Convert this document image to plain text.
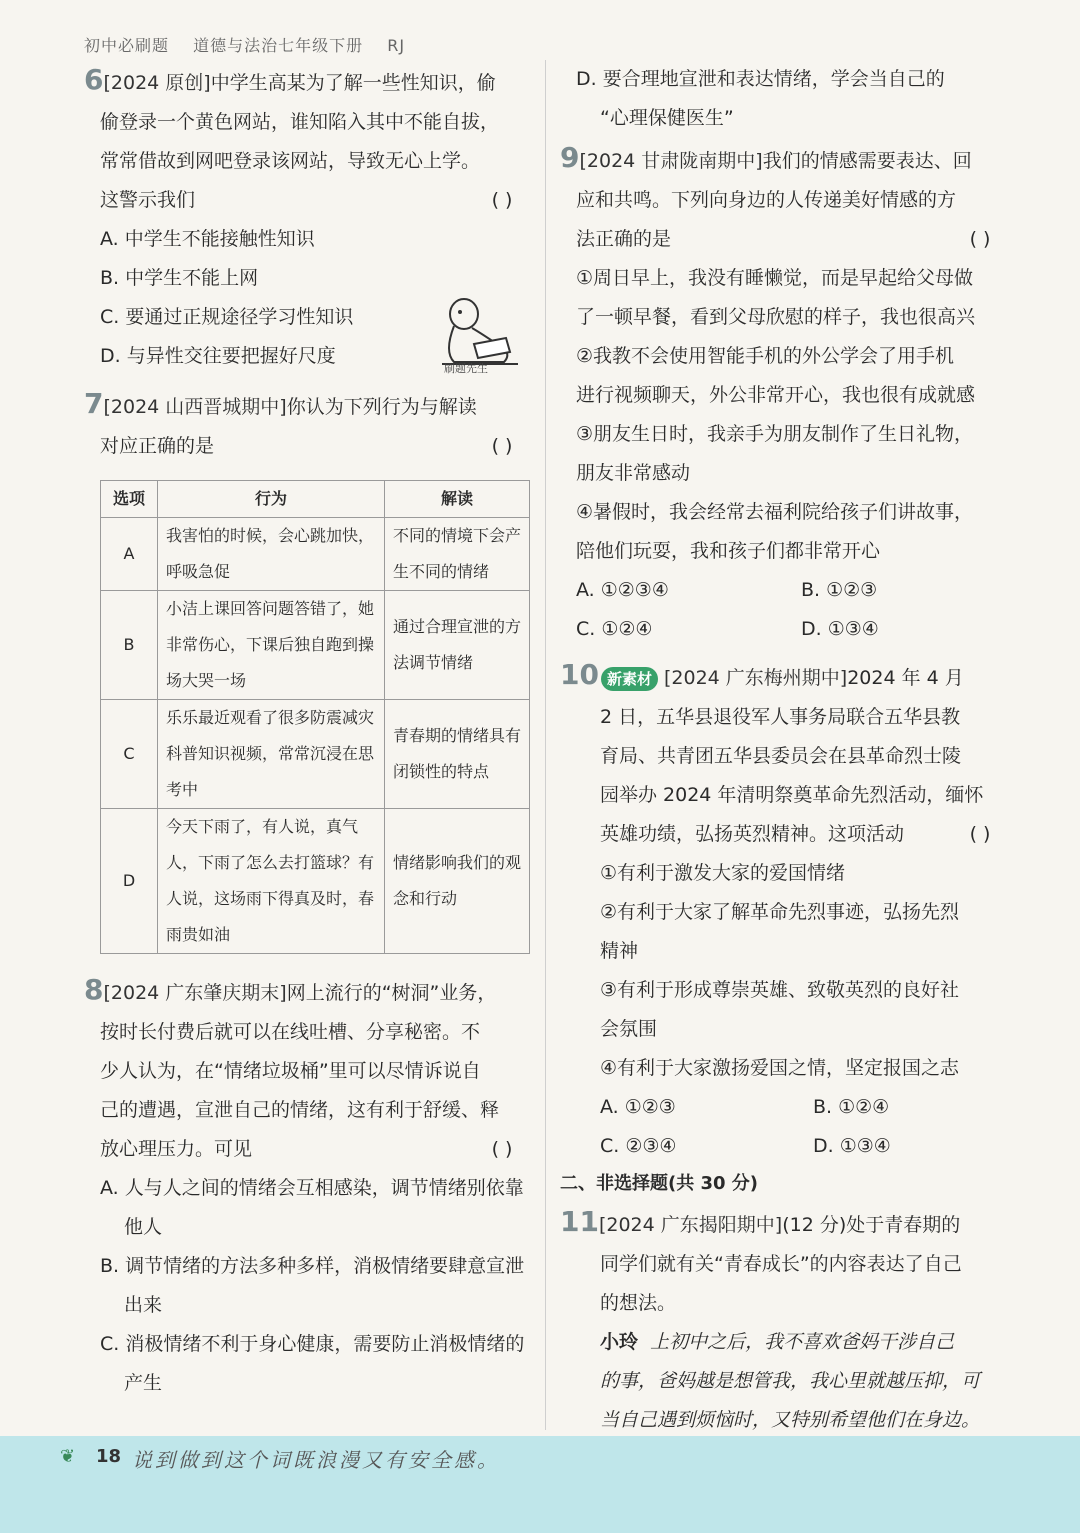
初中必刷题 道德与法治七年级下册 RJ
6[2024 原创]中学生高某为了解一些性知识，偷
偷登录一个黄色网站，谁知陷入其中不能自拔，
常常借故到网吧登录该网站，导致无心上学。
这警示我们	( )
A. 中学生不能接触性知识
B. 中学生不能上网
C. 要通过正规途径学习性知识
D. 与异性交往要把握好尺度
刷题先生
7[2024 山西晋城期中]你认为下列行为与解读
对应正确的是	( )
选项	行为	解读
A	我害怕的时候，会心跳加快，呼吸急促	不同的情境下会产生不同的情绪
B	小洁上课回答问题答错了，她非常伤心，下课后独自跑到操场大哭一场	通过合理宣泄的方法调节情绪
C	乐乐最近观看了很多防震减灾科普知识视频，常常沉浸在思考中	青春期的情绪具有闭锁性的特点
D	今天下雨了，有人说，真气人，下雨了怎么去打篮球？有人说，这场雨下得真及时，春雨贵如油	情绪影响我们的观念和行动
8[2024 广东肇庆期末]网上流行的“树洞”业务，
按时长付费后就可以在线吐槽、分享秘密。不
少人认为，在“情绪垃圾桶”里可以尽情诉说自
己的遭遇，宣泄自己的情绪，这有利于舒缓、释
放心理压力。可见	( )
A. 人与人之间的情绪会互相感染，调节情绪别依靠他人
B. 调节情绪的方法多种多样，消极情绪要肆意宣泄出来
C. 消极情绪不利于身心健康，需要防止消极情绪的产生
D. 要合理地宣泄和表达情绪，学会当自己的
“心理保健医生”
9[2024 甘肃陇南期中]我们的情感需要表达、回
应和共鸣。下列向身边的人传递美好情感的方
法正确的是	( )
①周日早上，我没有睡懒觉，而是早起给父母做
了一顿早餐，看到父母欣慰的样子，我也很高兴
②我教不会使用智能手机的外公学会了用手机
进行视频聊天，外公非常开心，我也很有成就感
③朋友生日时，我亲手为朋友制作了生日礼物，
朋友非常感动
④暑假时，我会经常去福利院给孩子们讲故事，
陪他们玩耍，我和孩子们都非常开心
A. ①②③④	B. ①②③
C. ①②④	D. ①③④
10 新素材 [2024 广东梅州期中]2024 年 4 月
2 日，五华县退役军人事务局联合五华县教
育局、共青团五华县委员会在县革命烈士陵
园举办 2024 年清明祭奠革命先烈活动，缅怀
英雄功绩，弘扬英烈精神。这项活动	( )
①有利于激发大家的爱国情绪
②有利于大家了解革命先烈事迹，弘扬先烈
精神
③有利于形成尊崇英雄、致敬英烈的良好社
会氛围
④有利于大家激扬爱国之情，坚定报国之志
A. ①②③	B. ①②④
C. ②③④	D. ①③④
二、非选择题(共 30 分)
11[2024 广东揭阳期中](12 分)处于青春期的
同学们就有关“青春成长”的内容表达了自己
的想法。
小玲 上初中之后，我不喜欢爸妈干涉自己
的事，爸妈越是想管我，我心里就越压抑，可
当自己遇到烦恼时，又特别希望他们在身边。
❦ 18 说到做到这个词既浪漫又有安全感。
